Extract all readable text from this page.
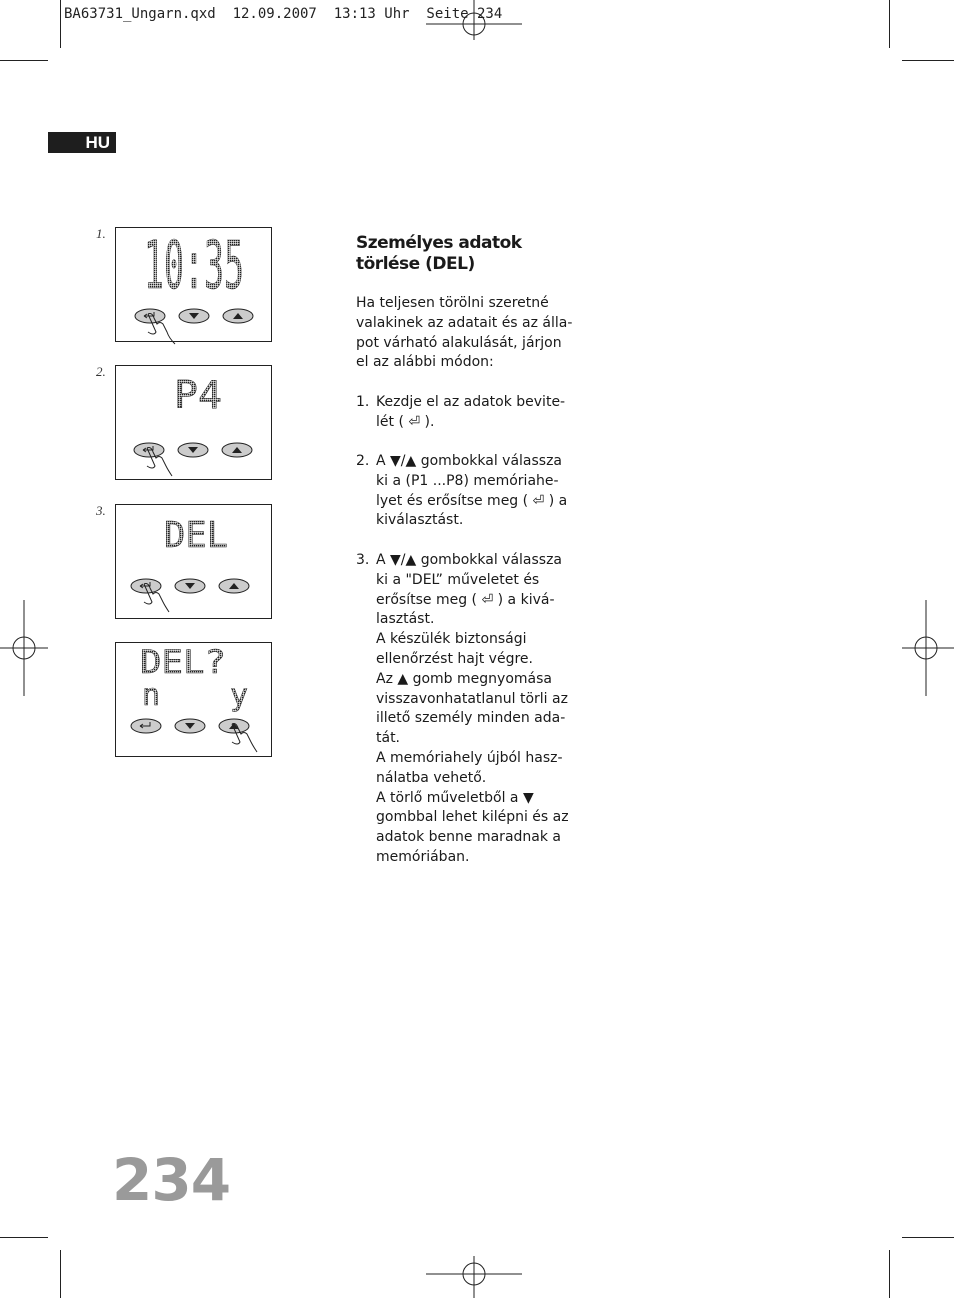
BA63731_Ungarn.qxd  12.09.2007  13:13 Uhr  Seite 234
HU
1.
2.
3.
10:35
P4
DEL
DEL?
n y
Személyes adatok
törlése (DEL)
Ha teljesen törölni szeretné
valakinek az adatait és az álla-
pot várható alakulását, járjon
el az alábbi módon:
1. Kezdje el az adatok bevite-
lét ( ⏎ ).
2. A ▼/▲ gombokkal válassza
ki a (P1 ...P8) memóriahe-
lyet és erősítse meg ( ⏎ ) a
kiválasztást.
3. A ▼/▲ gombokkal válassza
ki a "DEL” műveletet és
erősítse meg ( ⏎ ) a kivá-
lasztást.
A készülék biztonsági
ellenőrzést hajt végre.
Az ▲ gomb megnyomása
visszavonhatatlanul törli az
illető személy minden ada-
tát.
A memóriahely újból hasz-
nálatba vehető.
A törlő műveletből a ▼
gombbal lehet kilépni és az
adatok benne maradnak a
memóriában.
234
